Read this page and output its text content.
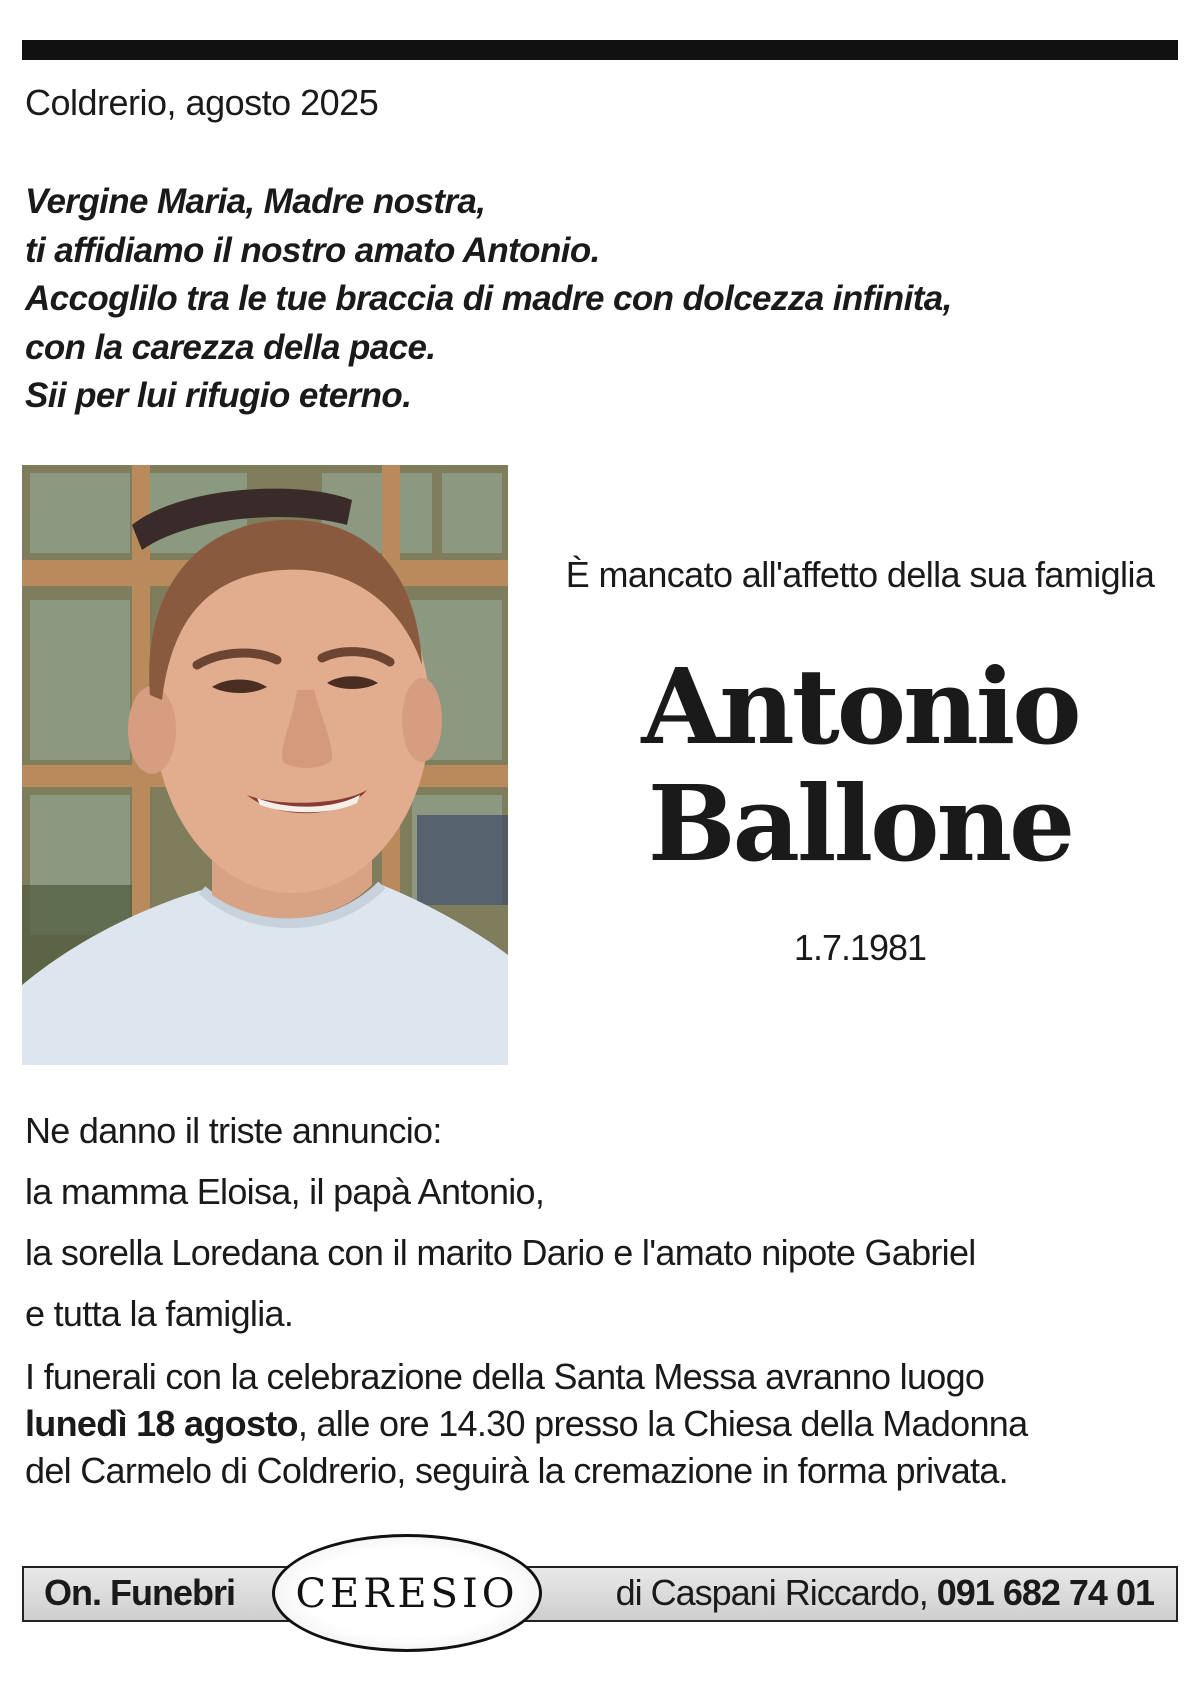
Coldrerio, agosto 2025
Vergine Maria, Madre nostra,
ti affidiamo il nostro amato Antonio.
Accoglilo tra le tue braccia di madre con dolcezza infinita,
con la carezza della pace.
Sii per lui rifugio eterno.
È mancato all'affetto della sua famiglia
Antonio
Ballone
1.7.1981
Ne danno il triste annuncio:
la mamma Eloisa, il papà Antonio,
la sorella Loredana con il marito Dario e l'amato nipote Gabriel
e tutta la famiglia.
I funerali con la celebrazione della Santa Messa avranno luogo
lunedì 18 agosto, alle ore 14.30 presso la Chiesa della Madonna
del Carmelo di Coldrerio, seguirà la cremazione in forma privata.
On. Funebri	di Caspani Riccardo, 091 682 74 01
CERESIO
